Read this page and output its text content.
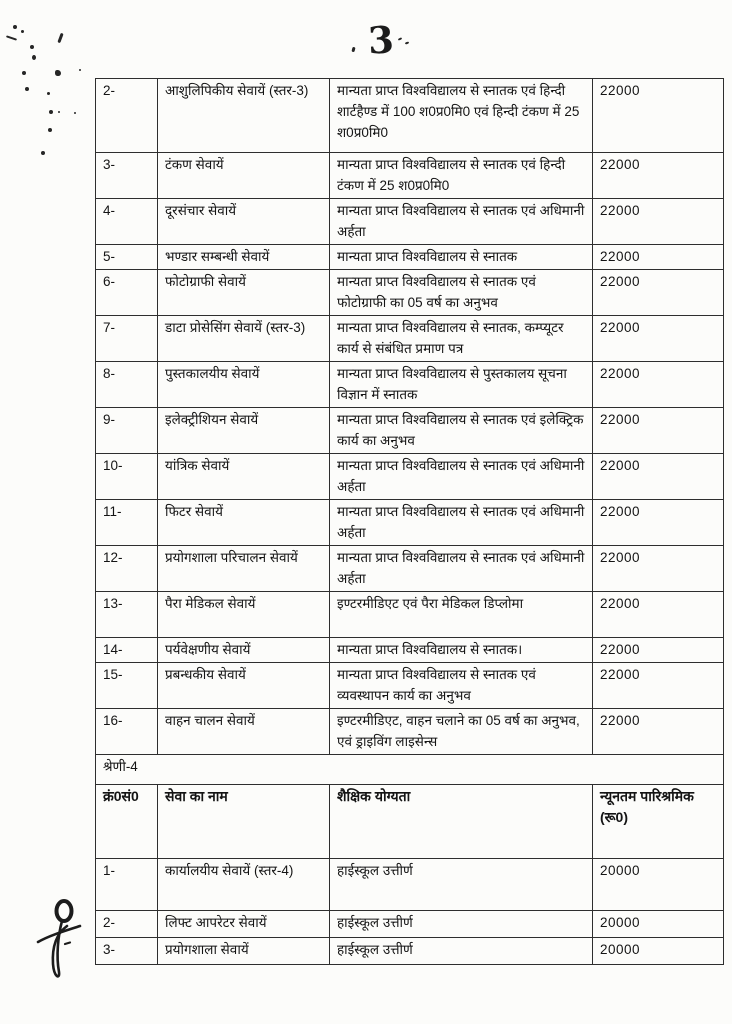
3
2-	आशुलिपिकीय सेवायें (स्तर-3)	मान्यता प्राप्त विश्वविद्यालय से स्नातक एवं हिन्दी शार्टहैण्ड में 100 श0प्र0मि0 एवं हिन्दी टंकण में 25 श0प्र0मि0	22000
3-	टंकण सेवायें	मान्यता प्राप्त विश्वविद्यालय से स्नातक एवं हिन्दी टंकण में 25 श0प्र0मि0	22000
4-	दूरसंचार सेवायें	मान्यता प्राप्त विश्वविद्यालय से स्नातक एवं अधिमानी अर्हता	22000
5-	भण्डार सम्बन्धी सेवायें	मान्यता प्राप्त विश्वविद्यालय से स्नातक	22000
6-	फोटोग्राफी सेवायें	मान्यता प्राप्त विश्वविद्यालय से स्नातक एवं फोटोग्राफी का 05 वर्ष का अनुभव	22000
7-	डाटा प्रोसेसिंग सेवायें (स्तर-3)	मान्यता प्राप्त विश्वविद्यालय से स्नातक, कम्प्यूटर कार्य से संबंधित प्रमाण पत्र	22000
8-	पुस्तकालयीय सेवायें	मान्यता प्राप्त विश्वविद्यालय से पुस्तकालय सूचना विज्ञान में स्नातक	22000
9-	इलेक्ट्रीशियन सेवायें	मान्यता प्राप्त विश्वविद्यालय से स्नातक एवं इलेक्ट्रिक कार्य का अनुभव	22000
10-	यांत्रिक सेवायें	मान्यता प्राप्त विश्वविद्यालय से स्नातक एवं अधिमानी अर्हता	22000
11-	फिटर सेवायें	मान्यता प्राप्त विश्वविद्यालय से स्नातक एवं अधिमानी अर्हता	22000
12-	प्रयोगशाला परिचालन सेवायें	मान्यता प्राप्त विश्वविद्यालय से स्नातक एवं अधिमानी अर्हता	22000
13-	पैरा मेडिकल सेवायें	इण्टरमीडिएट एवं पैरा मेडिकल डिप्लोमा	22000
14-	पर्यवेक्षणीय सेवायें	मान्यता प्राप्त विश्वविद्यालय से स्नातक।	22000
15-	प्रबन्धकीय सेवायें	मान्यता प्राप्त विश्वविद्यालय से स्नातक एवं व्यवस्थापन कार्य का अनुभव	22000
16-	वाहन चालन सेवायें	इण्टरमीडिएट, वाहन चलाने का 05 वर्ष का अनुभव, एवं ड्राइविंग लाइसेन्स	22000
श्रेणी-4			
क्रं0सं0	सेवा का नाम	शैक्षिक योग्यता	न्यूनतम पारिश्रमिक (रू0)
1-	कार्यालयीय सेवायें (स्तर-4)	हाईस्कूल उत्तीर्ण	20000
2-	लिफ्ट आपरेटर सेवायें	हाईस्कूल उत्तीर्ण	20000
3-	प्रयोगशाला सेवायें	हाईस्कूल उत्तीर्ण	20000
